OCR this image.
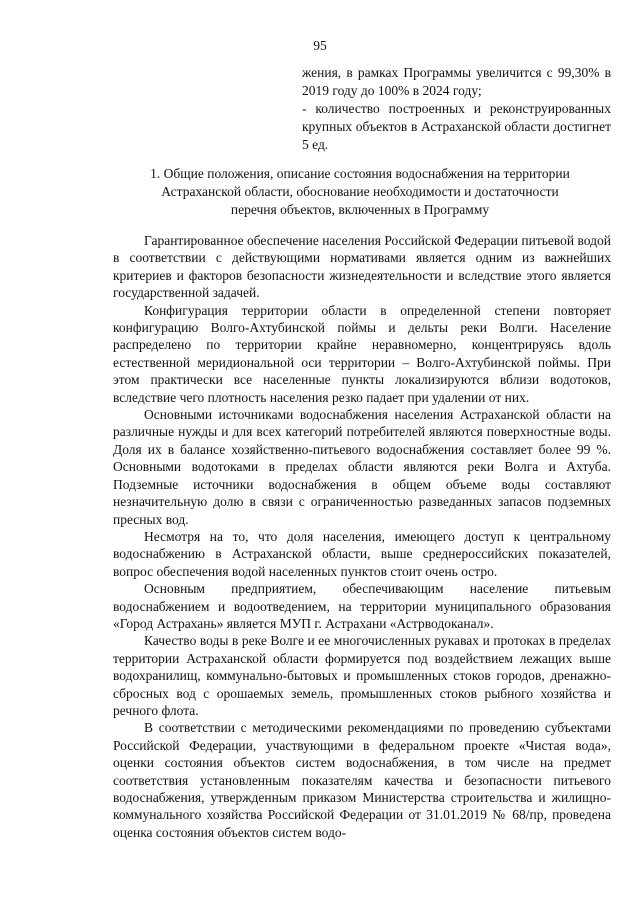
95

жения, в рамках Программы увеличится с 99,30% в 2019 году до 100% в 2024 году;

- количество построенных и реконструированных крупных объектов в Астраханской области достигнет 5 ед.

1. Общие положения, описание состояния водоснабжения на территории Астраханской области, обоснование необходимости и достаточности перечня объектов, включенных в Программу

Гарантированное обеспечение населения Российской Федерации питьевой водой в соответствии с действующими нормативами является одним из важнейших критериев и факторов безопасности жизнедеятельности и вследствие этого является государственной задачей.

Конфигурация территории области в определенной степени повторяет конфигурацию Волго-Ахтубинской поймы и дельты реки Волги. Население распределено по территории крайне неравномерно, концентрируясь вдоль естественной меридиональной оси территории – Волго-Ахтубинской поймы. При этом практически все населенные пункты локализируются вблизи водотоков, вследствие чего плотность населения резко падает при удалении от них.

Основными источниками водоснабжения населения Астраханской области на различные нужды и для всех категорий потребителей являются поверхностные воды. Доля их в балансе хозяйственно-питьевого водоснабжения составляет более 99 %. Основными водотоками в пределах области являются реки Волга и Ахтуба. Подземные источники водоснабжения в общем объеме воды составляют незначительную долю в связи с ограниченностью разведанных запасов подземных пресных вод.

Несмотря на то, что доля населения, имеющего доступ к центральному водоснабжению в Астраханской области, выше среднероссийских показателей, вопрос обеспечения водой населенных пунктов стоит очень остро.

Основным предприятием, обеспечивающим население питьевым водоснабжением и водоотведением, на территории муниципального образования «Город Астрахань» является МУП г. Астрахани «Астрводоканал».

Качество воды в реке Волге и ее многочисленных рукавах и протоках в пределах территории Астраханской области формируется под воздействием лежащих выше водохранилищ, коммунально-бытовых и промышленных стоков городов, дренажно-сбросных вод с орошаемых земель, промышленных стоков рыбного хозяйства и речного флота.

В соответствии с методическими рекомендациями по проведению субъектами Российской Федерации, участвующими в федеральном проекте «Чистая вода», оценки состояния объектов систем водоснабжения, в том числе на предмет соответствия установленным показателям качества и безопасности питьевого водоснабжения, утвержденным приказом Министерства строительства и жилищно-коммунального хозяйства Российской Федерации от 31.01.2019 № 68/пр, проведена оценка состояния объектов систем водо-
